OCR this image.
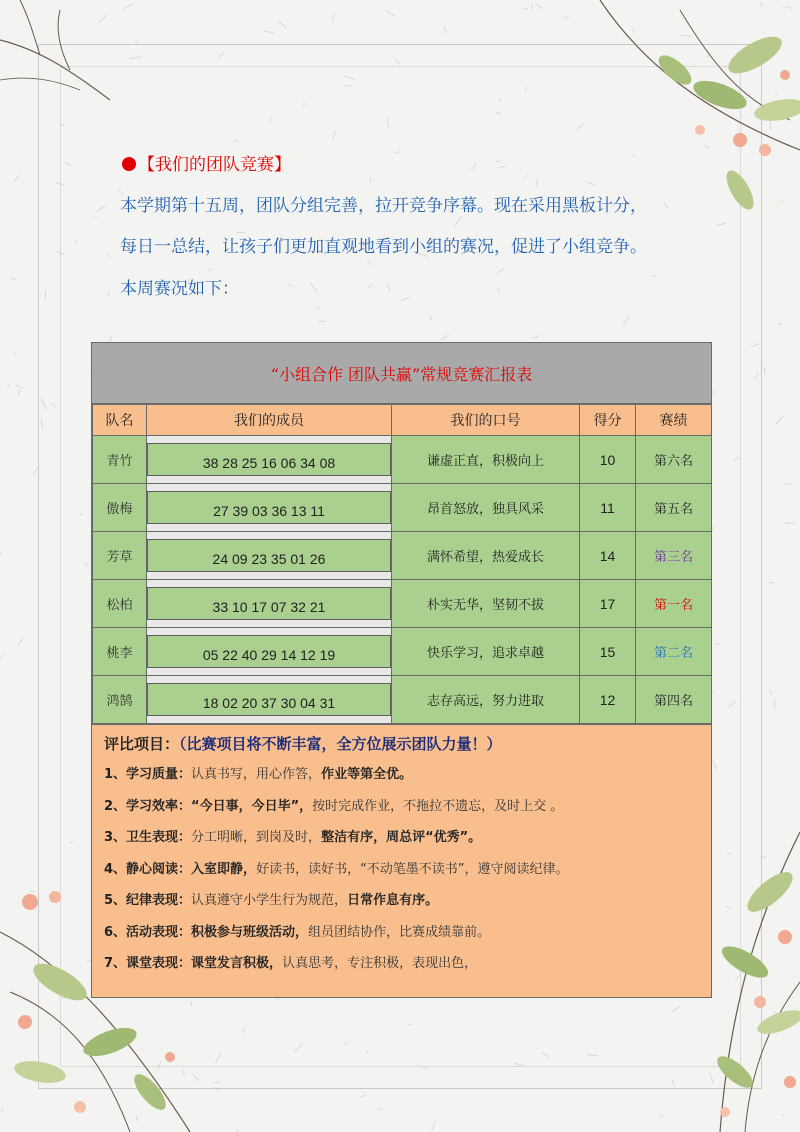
【我们的团队竞赛】
本学期第十五周，团队分组完善，拉开竞争序幕。现在采用黑板计分，
每日一总结，让孩子们更加直观地看到小组的赛况，促进了小组竞争。
本周赛况如下：
“小组合作 团队共赢”常规竞赛汇报表
队名	我们的成员	我们的口号	得分	赛绩
青竹	38 28 25 16 06 34 08	谦虚正直，积极向上	10	第六名
傲梅	27 39 03 36 13 11	昂首怒放，独具风采	11	第五名
芳草	24 09 23 35 01 26	满怀希望，热爱成长	14	第三名
松柏	33 10 17 07 32 21	朴实无华，坚韧不拔	17	第一名
桃李	05 22 40 29 14 12 19	快乐学习，追求卓越	15	第二名
鸿鹄	18 02 20 37 30 04 31	志存高远，努力进取	12	第四名
评比项目：（比赛项目将不断丰富，全方位展示团队力量！）
1、学习质量：认真书写，用心作答，作业等第全优。
2、学习效率：“今日事，今日毕”，按时完成作业，不拖拉不遗忘，及时上交 。
3、卫生表现：分工明晰，到岗及时，整洁有序，周总评“优秀”。
4、静心阅读：入室即静，好读书，读好书，“不动笔墨不读书”，遵守阅读纪律。
5、纪律表现：认真遵守小学生行为规范，日常作息有序。
6、活动表现：积极参与班级活动，组员团结协作，比赛成绩靠前。
7、课堂表现：课堂发言积极，认真思考，专注积极，表现出色，
